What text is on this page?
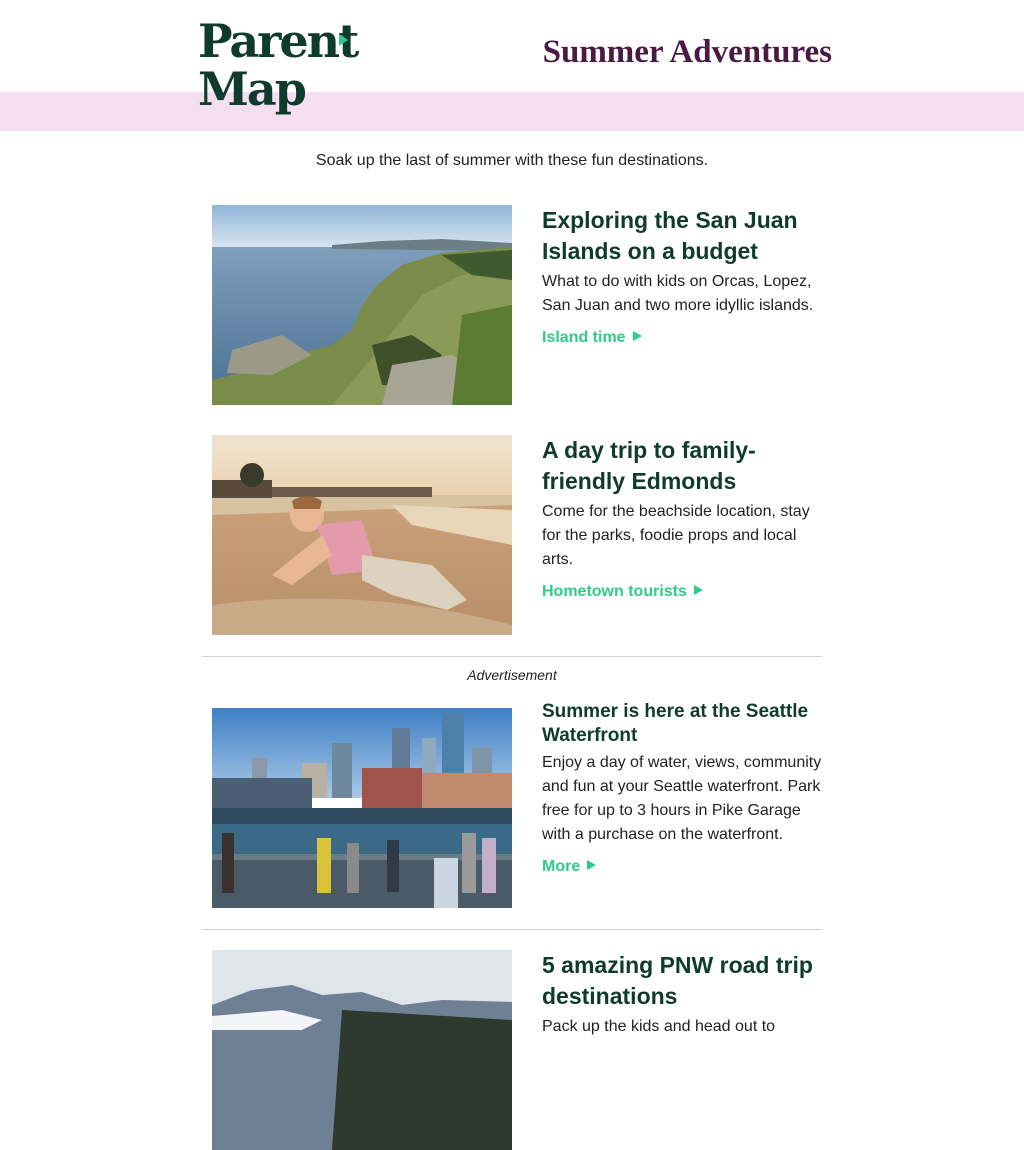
Parent
Map
Summer Adventures
Soak up the last of summer with these fun destinations.
Exploring the San Juan Islands on a budget
What to do with kids on Orcas, Lopez, San Juan and two more idyllic islands.
Island time
A day trip to family-friendly Edmonds
Come for the beachside location, stay for the parks, foodie props and local arts.
Hometown tourists
Advertisement
Summer is here at the Seattle Waterfront
Enjoy a day of water, views, community and fun at your Seattle waterfront. Park free for up to 3 hours in Pike Garage with a purchase on the waterfront.
More
5 amazing PNW road trip destinations
Pack up the kids and head out to
